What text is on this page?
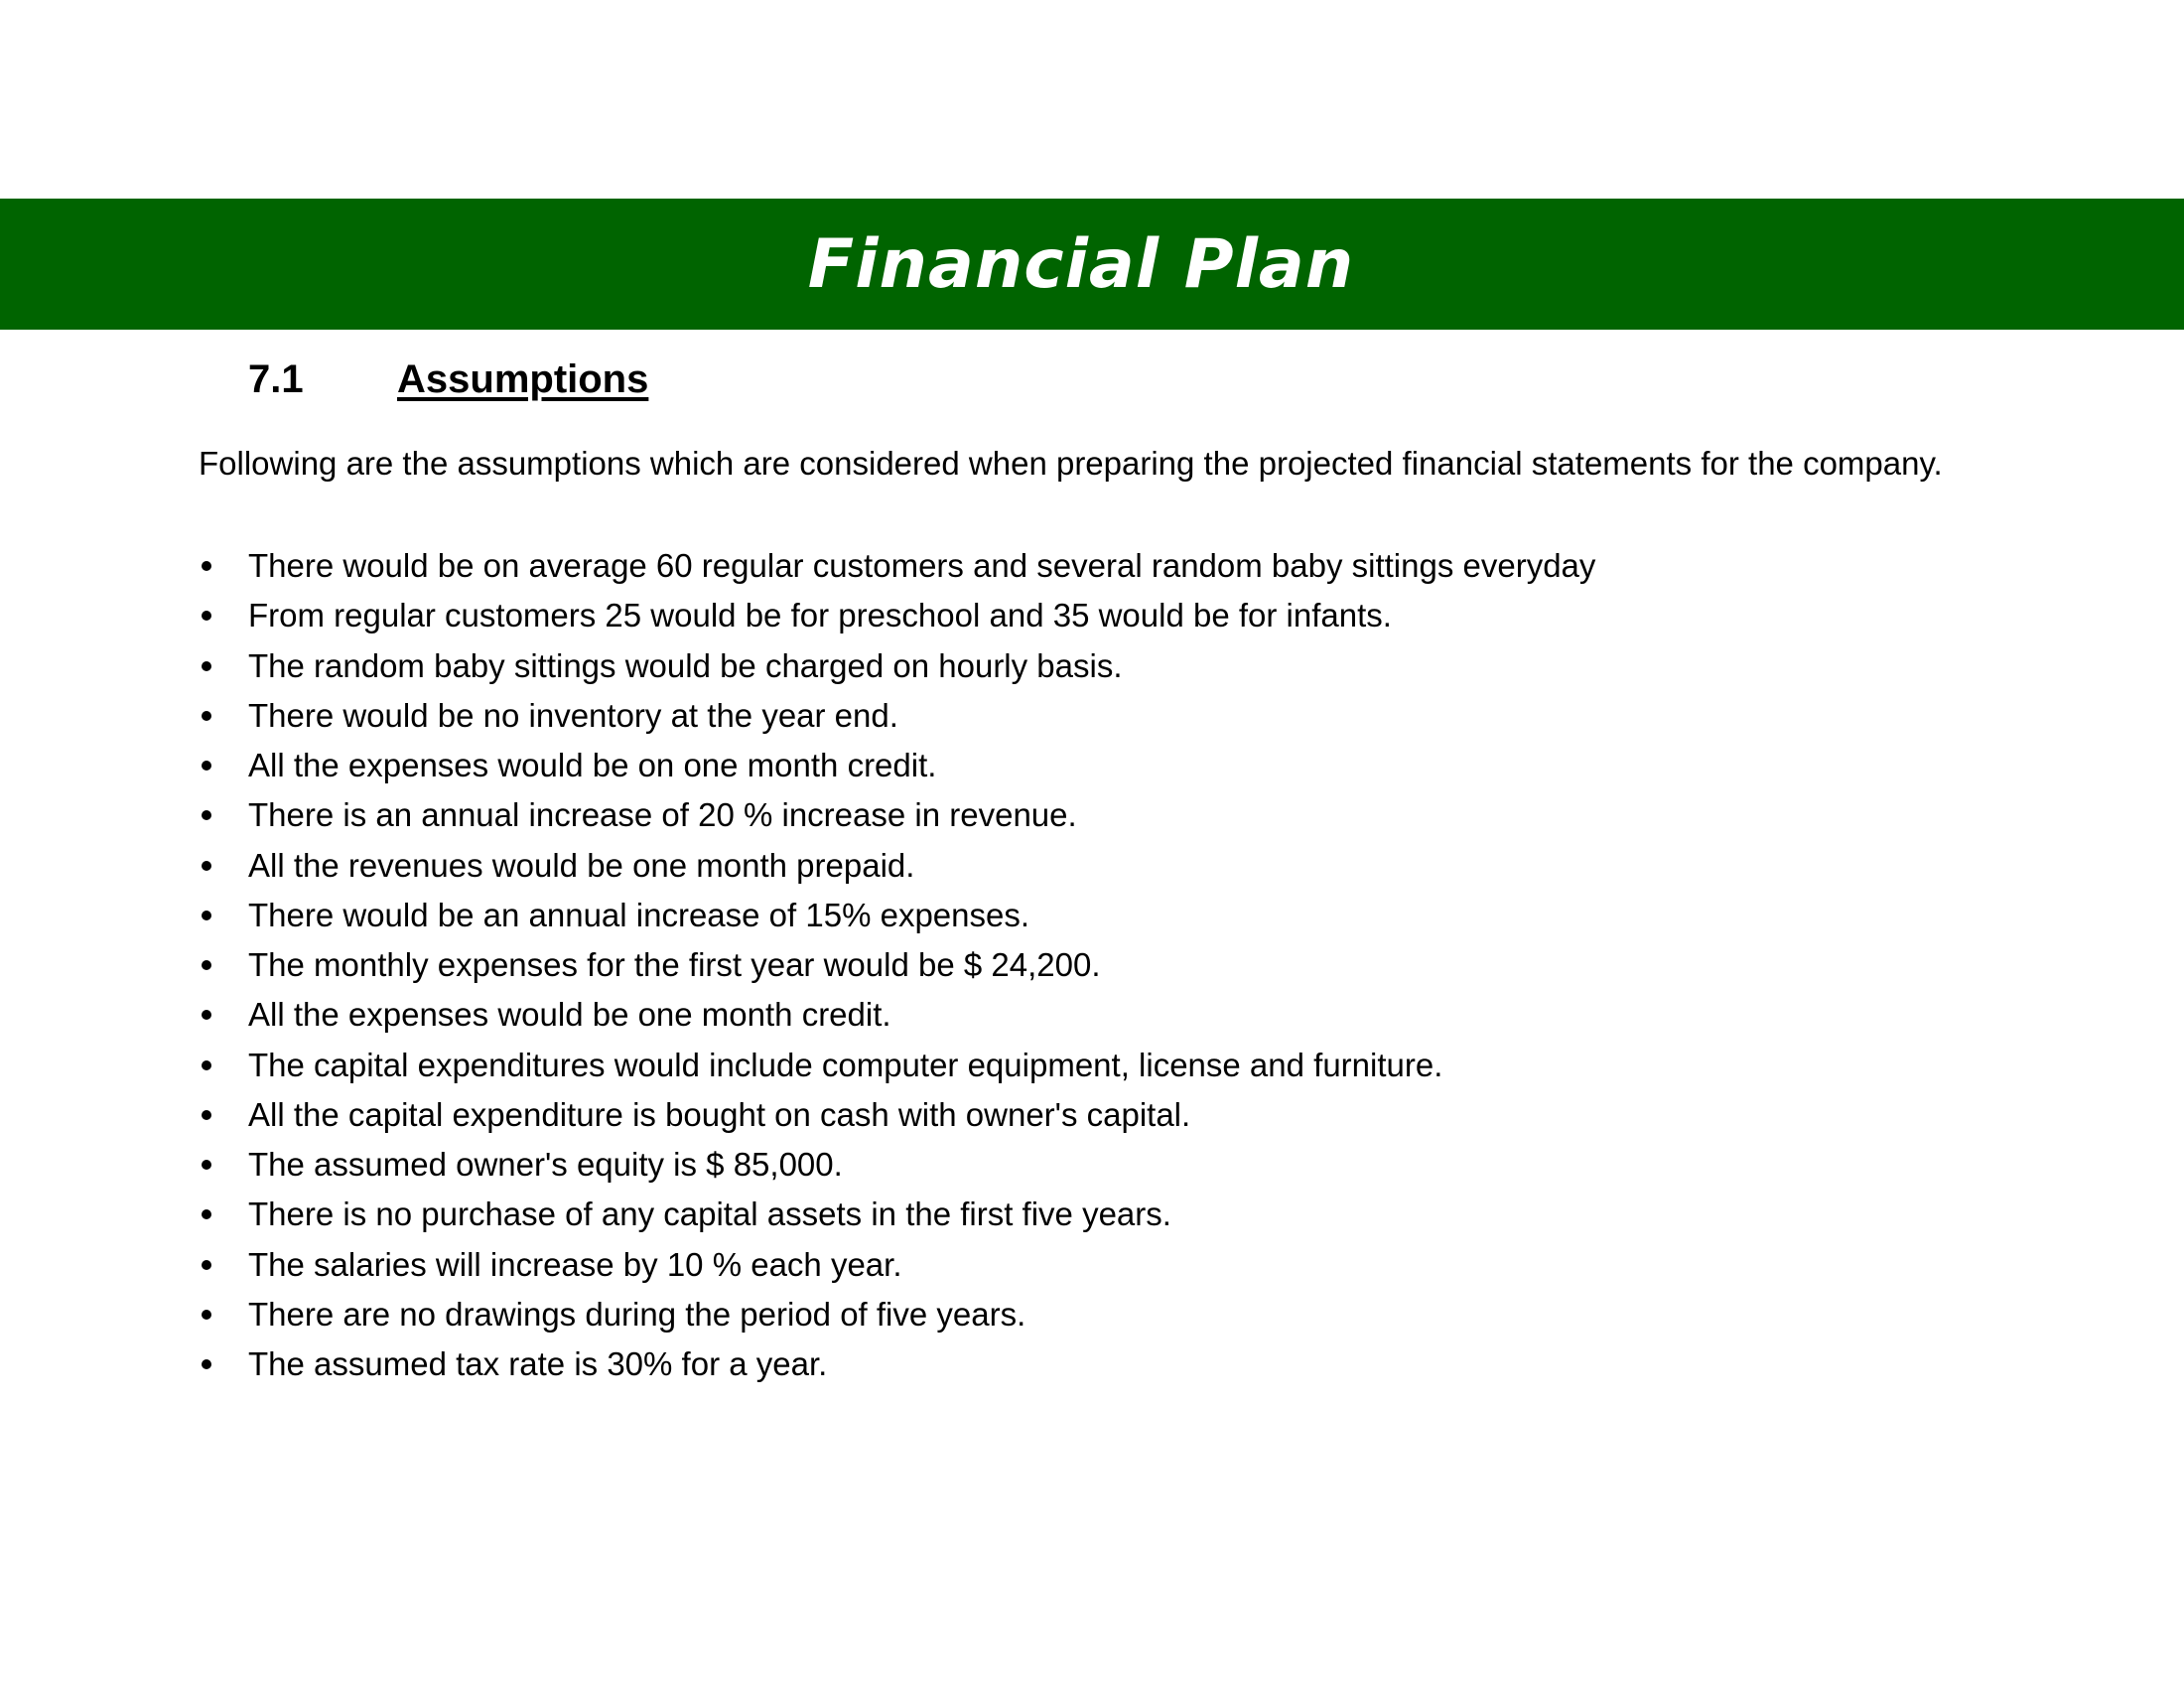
Financial Plan
7.1 Assumptions
Following are the assumptions which are considered when preparing the projected financial statements for the company.
There would be on average 60 regular customers and several random baby sittings everyday
From regular customers 25 would be for preschool and 35 would be for infants.
The random baby sittings would be charged on hourly basis.
There would be no inventory at the year end.
All the expenses would be on one month credit.
There is an annual increase of 20 % increase in revenue.
All the revenues would be one month prepaid.
There would be an annual increase of 15% expenses.
The monthly expenses for the first year would be $ 24,200.
All the expenses would be one month credit.
The capital expenditures would include computer equipment, license and furniture.
All the capital expenditure is bought on cash with owner's capital.
The assumed owner's equity is $ 85,000.
There is no purchase of any capital assets in the first five years.
The salaries will increase by 10 % each year.
There are no drawings during the period of five years.
The assumed tax rate is 30% for a year.
